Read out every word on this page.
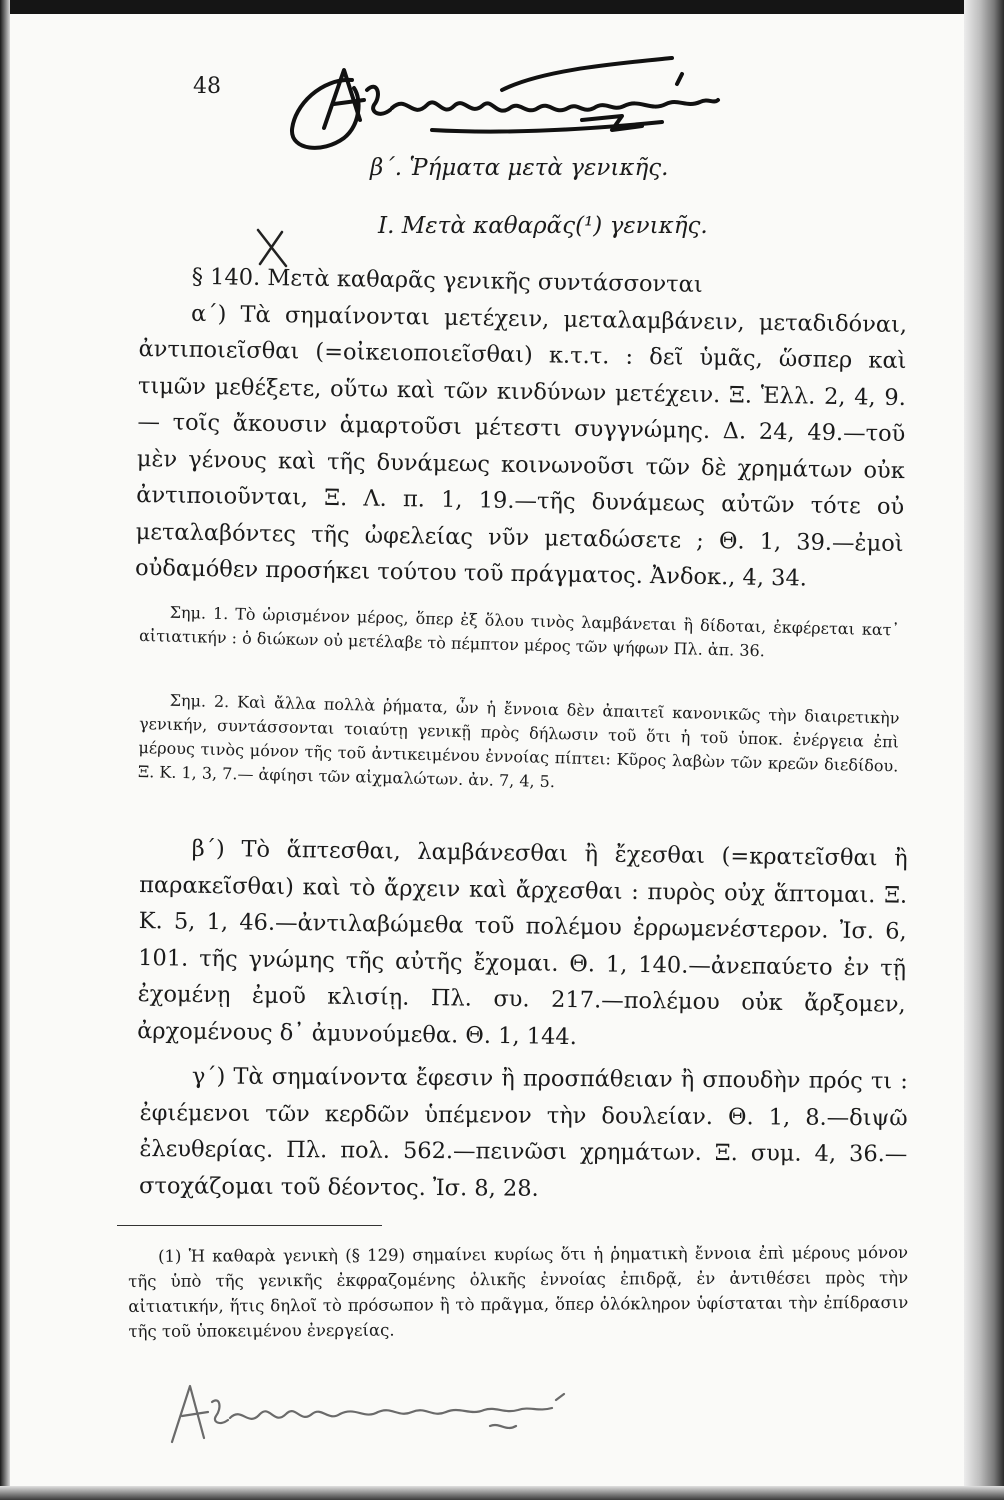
48
β΄. Ῥήματα μετὰ γενικῆς.
Ι. Μετὰ καθαρᾶς(¹) γενικῆς.

§ 140. Μετὰ καθαρᾶς γενικῆς συντάσσονται

α΄) Τὰ σημαίνονται μετέχειν, μεταλαμβάνειν, μεταδιδόναι, ἀντιποιεῖσθαι (=οἰκειοποιεῖσθαι) κ.τ.τ. : δεῖ ὑμᾶς, ὥσπερ καὶ τιμῶν μεθέξετε, οὕτω καὶ τῶν κινδύνων μετέχειν. Ξ. Ἑλλ. 2, 4, 9.— τοῖς ἄκουσιν ἁμαρτοῦσι μέτεστι συγγνώμης. Δ. 24, 49.—τοῦ μὲν γένους καὶ τῆς δυνάμεως κοινωνοῦσι τῶν δὲ χρημάτων οὐκ ἀντιποιοῦνται, Ξ. Λ. π. 1, 19.—τῆς δυνάμεως αὐτῶν τότε οὐ μεταλαβόντες τῆς ὠφελείας νῦν μεταδώσετε ; Θ. 1, 39.—ἐμοὶ οὐδαμόθεν προσήκει τούτου τοῦ πράγματος. Ἀνδοκ., 4, 34.

Σημ. 1. Τὸ ὡρισμένον μέρος, ὅπερ ἐξ ὅλου τινὸς λαμβάνεται ἢ δίδοται, ἐκφέρεται κατ᾽ αἰτιατικήν : ὁ διώκων οὐ μετέλαβε τὸ πέμπτον μέρος τῶν ψήφων Πλ. ἀπ. 36.

Σημ. 2. Καὶ ἄλλα πολλὰ ῥήματα, ὧν ἡ ἔννοια δὲν ἀπαιτεῖ κανονικῶς τὴν διαιρετικὴν γενικήν, συντάσσονται τοιαύτῃ γενικῇ πρὸς δήλωσιν τοῦ ὅτι ἡ τοῦ ὑποκ. ἐνέργεια ἐπὶ μέρους τινὸς μόνον τῆς τοῦ ἀντικειμένου ἐννοίας πίπτει: Κῦρος λαβὼν τῶν κρεῶν διεδίδου. Ξ. Κ. 1, 3, 7.— ἀφίησι τῶν αἰχμαλώτων. ἀν. 7, 4, 5.

β΄) Τὸ ἅπτεσθαι, λαμβάνεσθαι ἢ ἔχεσθαι (=κρατεῖσθαι ἢ παρακεῖσθαι) καὶ τὸ ἄρχειν καὶ ἄρχεσθαι : πυρὸς οὐχ ἅπτομαι. Ξ. Κ. 5, 1, 46.—ἀντιλαβώμεθα τοῦ πολέμου ἐρρωμενέστερον. Ἰσ. 6, 101. τῆς γνώμης τῆς αὐτῆς ἔχομαι. Θ. 1, 140.—ἀνεπαύετο ἐν τῇ ἐχομένῃ ἐμοῦ κλισίῃ. Πλ. συ. 217.—πολέμου οὐκ ἄρξομεν, ἀρχομένους δ᾽ ἀμυνούμεθα. Θ. 1, 144.

γ΄) Τὰ σημαίνοντα ἔφεσιν ἢ προσπάθειαν ἢ σπουδὴν πρός τι : ἐφιέμενοι τῶν κερδῶν ὑπέμενον τὴν δουλείαν. Θ. 1, 8.—διψῶ ἐλευθερίας. Πλ. πολ. 562.—πεινῶσι χρημάτων. Ξ. συμ. 4, 36.—στοχάζομαι τοῦ δέοντος. Ἰσ. 8, 28.

(1) Ἡ καθαρὰ γενικὴ (§ 129) σημαίνει κυρίως ὅτι ἡ ῥηματικὴ ἔννοια ἐπὶ μέρους μόνον τῆς ὑπὸ τῆς γενικῆς ἐκφραζομένης ὁλικῆς ἐννοίας ἐπιδρᾷ, ἐν ἀντιθέσει πρὸς τὴν αἰτιατικήν, ἥτις δηλοῖ τὸ πρόσωπον ἢ τὸ πρᾶγμα, ὅπερ ὁλόκληρον ὑφίσταται τὴν ἐπίδρασιν τῆς τοῦ ὑποκειμένου ἐνεργείας.
